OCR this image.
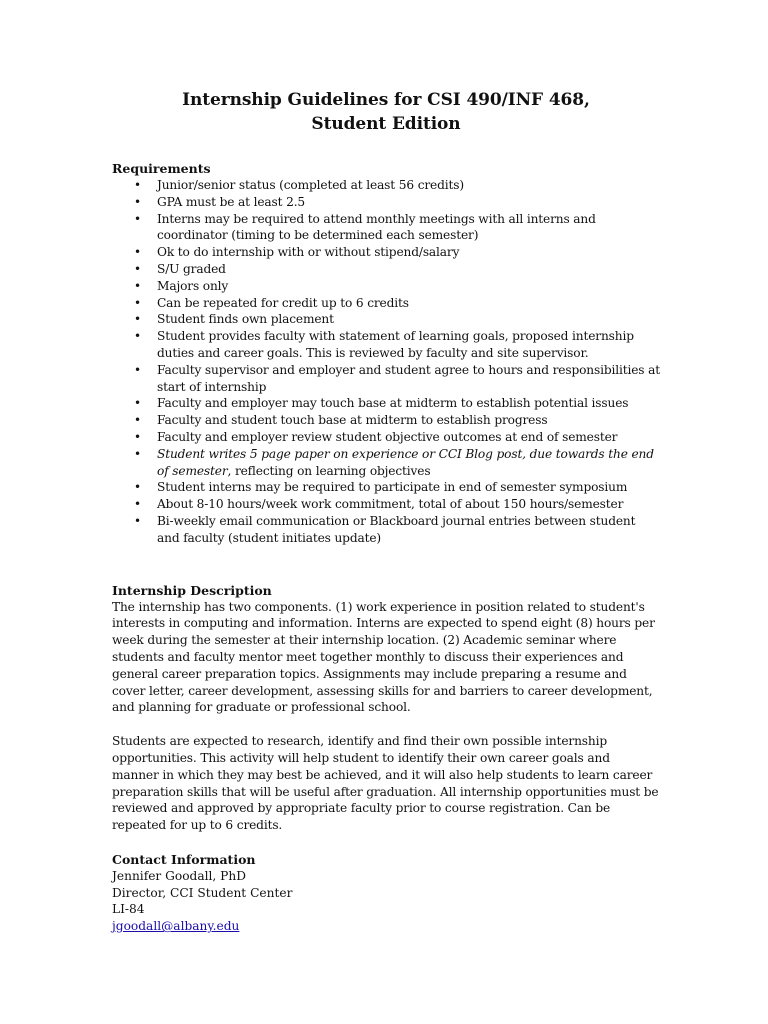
Internship Guidelines for CSI 490/INF 468,
Student Edition

Requirements

• Junior/senior status (completed at least 56 credits)
• GPA must be at least 2.5
• Interns may be required to attend monthly meetings with all interns and coordinator (timing to be determined each semester)
• Ok to do internship with or without stipend/salary
• S/U graded
• Majors only
• Can be repeated for credit up to 6 credits
• Student finds own placement
• Student provides faculty with statement of learning goals, proposed internship duties and career goals. This is reviewed by faculty and site supervisor.
• Faculty supervisor and employer and student agree to hours and responsibilities at start of internship
• Faculty and employer may touch base at midterm to establish potential issues
• Faculty and student touch base at midterm to establish progress
• Faculty and employer review student objective outcomes at end of semester
• Student writes 5 page paper on experience or CCI Blog post, due towards the end of semester, reflecting on learning objectives
• Student interns may be required to participate in end of semester symposium
• About 8-10 hours/week work commitment, total of about 150 hours/semester
• Bi-weekly email communication or Blackboard journal entries between student and faculty (student initiates update)

Internship Description

The internship has two components. (1) work experience in position related to student's interests in computing and information. Interns are expected to spend eight (8) hours per week during the semester at their internship location. (2) Academic seminar where students and faculty mentor meet together monthly to discuss their experiences and general career preparation topics. Assignments may include preparing a resume and cover letter, career development, assessing skills for and barriers to career development, and planning for graduate or professional school.

Students are expected to research, identify and find their own possible internship opportunities. This activity will help student to identify their own career goals and manner in which they may best be achieved, and it will also help students to learn career preparation skills that will be useful after graduation. All internship opportunities must be reviewed and approved by appropriate faculty prior to course registration. Can be repeated for up to 6 credits.

Contact Information

Jennifer Goodall, PhD

Director, CCI Student Center

LI-84

jgoodall@albany.edu
